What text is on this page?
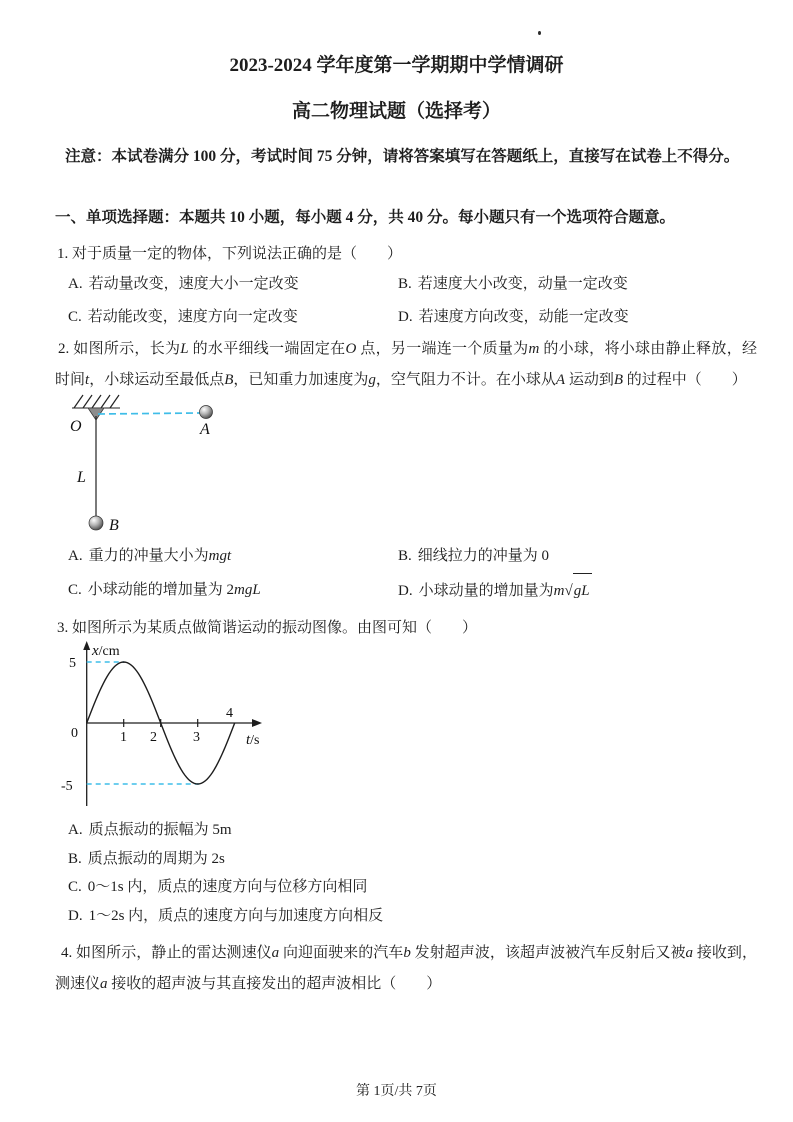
2023-2024 学年度第一学期期中学情调研
高二物理试题（选择考）
注意：本试卷满分 100 分，考试时间 75 分钟，请将答案填写在答题纸上，直接写在试卷上不得分。
一、单项选择题：本题共 10 小题，每小题 4 分，共 40 分。每小题只有一个选项符合题意。
1. 对于质量一定的物体，下列说法正确的是（　　）
A. 若动量改变，速度大小一定改变	B. 若速度大小改变，动量一定改变
C. 若动能改变，速度方向一定改变	D. 若速度方向改变，动能一定改变
2. 如图所示，长为L 的水平细线一端固定在O 点，另一端连一个质量为m 的小球，将小球由静止释放，经时间t，小球运动至最低点B，已知重力加速度为g，空气阻力不计。在小球从A 运动到B 的过程中（　　）
O	A
L
B
A. 重力的冲量大小为mgt	B. 细线拉力的冲量为 0
C. 小球动能的增加量为 2mgL	D. 小球动量的增加量为m√gL
3. 如图所示为某质点做简谐运动的振动图像。由图可知（　　）
0
5
-5
1 2	3
4
x/cm
t/s
A. 质点振动的振幅为 5m
B. 质点振动的周期为 2s
C. 0～1s 内，质点的速度方向与位移方向相同
D. 1～2s 内，质点的速度方向与加速度方向相反
4. 如图所示，静止的雷达测速仪a 向迎面驶来的汽车b 发射超声波，该超声波被汽车反射后又被a 接收到，测速仪a 接收的超声波与其直接发出的超声波相比（　　）
第 1页/共 7页
